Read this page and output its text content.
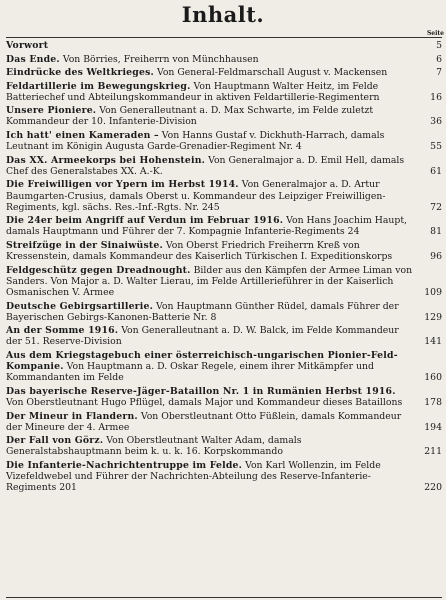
Inhalt.
Seite
Vorwort	5
Das Ende. Von Börries, Freiherrn von Münchhausen	6
Eindrücke des Weltkrieges. Von General-Feldmarschall August v. Mackensen	7
Feldartillerie im Bewegungskrieg. Von Hauptmann Walter Heitz, im Felde Batteriechef und Abteilungskommandeur in aktiven Feldartillerie-Regimentern	16
Unsere Pioniere. Von Generalleutnant a. D. Max Schwarte, im Felde zuletzt Kommandeur der 10. Infanterie-Division	36
Ich hatt' einen Kameraden – Von Hanns Gustaf v. Dickhuth-Harrach, damals Leutnant im Königin Augusta Garde-Grenadier-Regiment Nr. 4	55
Das XX. Armeekorps bei Hohenstein. Von Generalmajor a. D. Emil Hell, damals Chef des Generalstabes XX. A.-K.	61
Die Freiwilligen vor Ypern im Herbst 1914. Von Generalmajor a. D. Artur Baumgarten-Crusius, damals Oberst u. Kommandeur des Leipziger Freiwilligen-Regiments, kgl. sächs. Res.-Inf.-Rgts. Nr. 245	72
Die 24er beim Angriff auf Verdun im Februar 1916. Von Hans Joachim Haupt, damals Hauptmann und Führer der 7. Kompagnie Infanterie-Regiments 24	81
Streifzüge in der Sinaiwüste. Von Oberst Friedrich Freiherrn Kreß von Kressenstein, damals Kommandeur des Kaiserlich Türkischen I. Expeditionskorps	96
Feldgeschütz gegen Dreadnought. Bilder aus den Kämpfen der Armee Liman von Sanders. Von Major a. D. Walter Lierau, im Felde Artillerieführer in der Kaiserlich Osmanischen V. Armee	109
Deutsche Gebirgsartillerie. Von Hauptmann Günther Rüdel, damals Führer der Bayerischen Gebirgs-Kanonen-Batterie Nr. 8	129
An der Somme 1916. Von Generalleutnant a. D. W. Balck, im Felde Kommandeur der 51. Reserve-Division	141
Aus dem Kriegstagebuch einer österreichisch-ungarischen Pionier-Feld-Kompanie. Von Hauptmann a. D. Oskar Regele, einem ihrer Mitkämpfer und Kommandanten im Felde	160
Das bayerische Reserve-Jäger-Bataillon Nr. 1 in Rumänien Herbst 1916. Von Oberstleutnant Hugo Pflügel, damals Major und Kommandeur dieses Bataillons	178
Der Mineur in Flandern. Von Oberstleutnant Otto Füßlein, damals Kommandeur der Mineure der 4. Armee	194
Der Fall von Görz. Von Oberstleutnant Walter Adam, damals Generalstabshauptmann beim k. u. k. 16. Korpskommando	211
Die Infanterie-Nachrichtentruppe im Felde. Von Karl Wollenzin, im Felde Vizefeldwebel und Führer der Nachrichten-Abteilung des Reserve-Infanterie-Regiments 201	220
